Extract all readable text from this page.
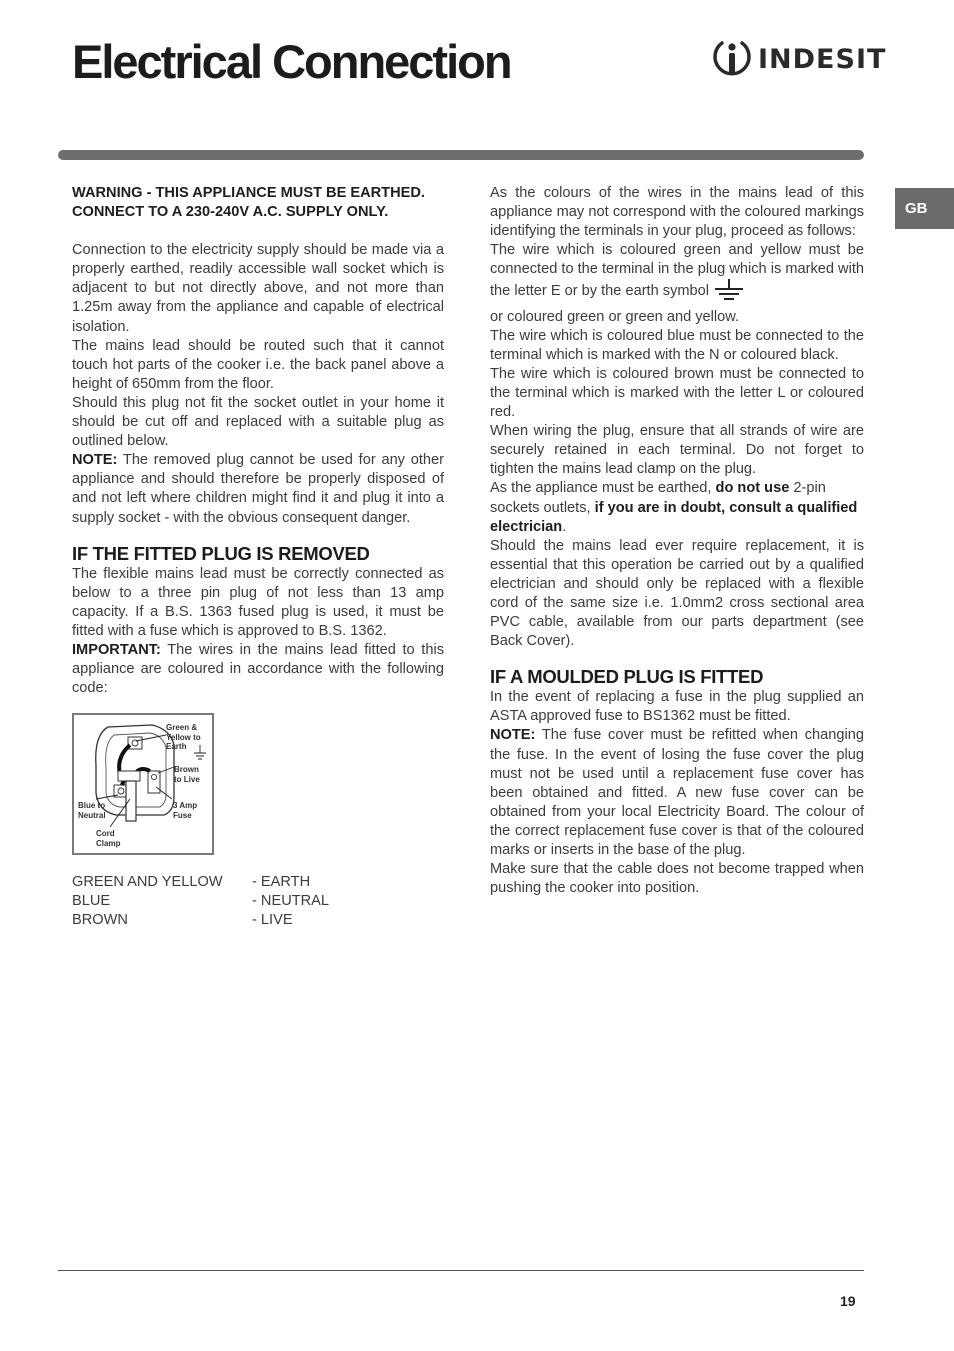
Electrical Connection	INDESIT
GB

WARNING - THIS APPLIANCE MUST BE EARTHED. CONNECT TO A 230-240V A.C. SUPPLY ONLY.

Connection to the electricity supply should be made via a properly earthed, readily accessible wall socket which is adjacent to but not directly above, and not more than 1.25m away from the appliance and capable of electrical isolation.

The mains lead should be routed such that it cannot touch hot parts of the cooker i.e. the back panel above a height of 650mm from the floor.

Should this plug not fit the socket outlet in your home it should be cut off and replaced with a suitable plug as outlined below.

NOTE: The removed plug cannot be used for any other appliance and should therefore be properly disposed of and not left where children might find it and plug it into a supply socket - with the obvious consequent danger.

IF THE FITTED PLUG IS REMOVED

The flexible mains lead must be correctly connected as below to a three pin plug of not less than 13 amp capacity. If a B.S. 1363 fused plug is used, it must be fitted with a fuse which is approved to B.S. 1362.

IMPORTANT: The wires in the mains lead fitted to this appliance are coloured in accordance with the following code:

Green & Yellow to Earth
Brown to Live
Blue to Neutral
3 Amp Fuse
Cord Clamp
GREEN AND YELLOW	- EARTH
BLUE	- NEUTRAL
BROWN	- LIVE

As the colours of the wires in the mains lead of this appliance may not correspond with the coloured markings identifying the terminals in your plug, proceed as follows:

The wire which is coloured green and yellow must be connected to the terminal in the plug which is marked with the letter E or by the earth symbol

or coloured green or green and yellow.

The wire which is coloured blue must be connected to the terminal which is marked with the N or coloured black.

The wire which is coloured brown must be connected to the terminal which is marked with the letter L or coloured red.

When wiring the plug, ensure that all strands of wire are securely retained in each terminal. Do not forget to tighten the mains lead clamp on the plug.

As the appliance must be earthed, do not use 2-pin sockets outlets, if you are in doubt, consult a qualified electrician.

Should the mains lead ever require replacement, it is essential that this operation be carried out by a qualified electrician and should only be replaced with a flexible cord of the same size i.e. 1.0mm2 cross sectional area PVC cable, available from our parts department (see Back Cover).

IF A MOULDED PLUG IS FITTED

In the event of replacing a fuse in the plug supplied an ASTA approved fuse to BS1362 must be fitted.

NOTE: The fuse cover must be refitted when changing the fuse. In the event of losing the fuse cover the plug must not be used until a replacement fuse cover has been obtained and fitted. A new fuse cover can be obtained from your local Electricity Board. The colour of the correct replacement fuse cover is that of the coloured marks or inserts in the base of the plug.

Make sure that the cable does not become trapped when pushing the cooker into position.

19
